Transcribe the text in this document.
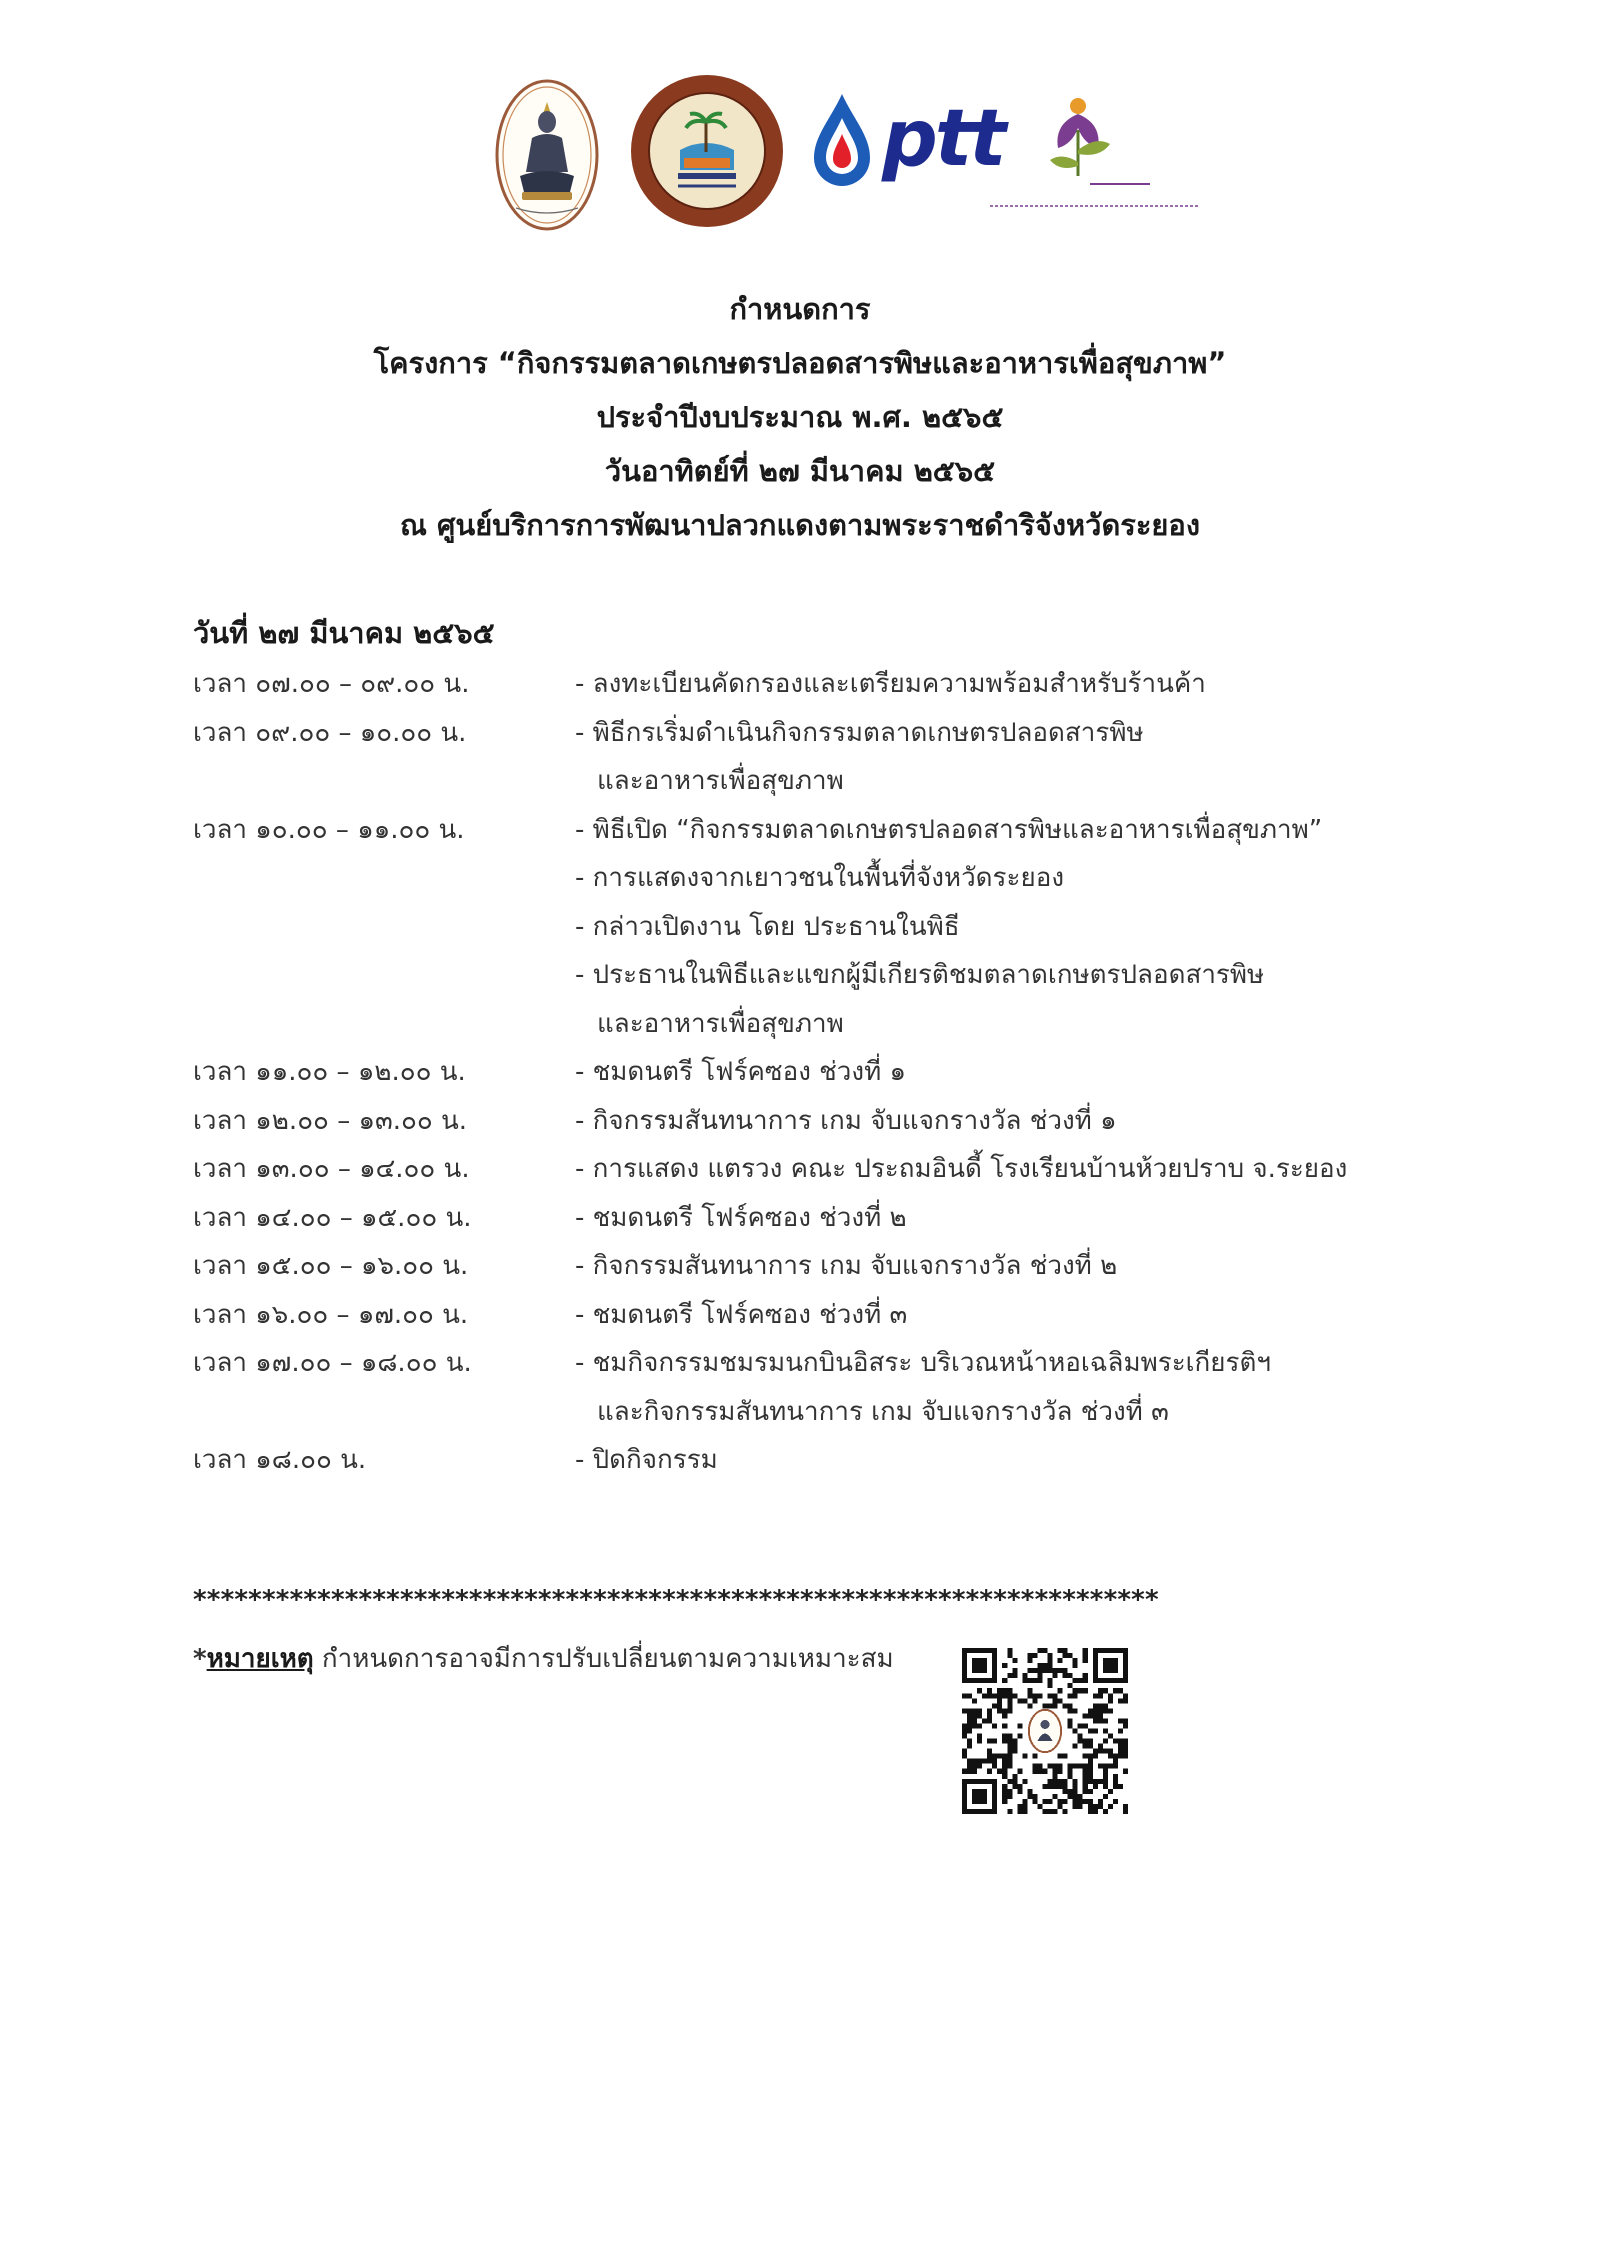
ptt
กำหนดการ
โครงการ “กิจกรรมตลาดเกษตรปลอดสารพิษและอาหารเพื่อสุขภาพ”
ประจำปีงบประมาณ พ.ศ. ๒๕๖๕
วันอาทิตย์ที่ ๒๗ มีนาคม ๒๕๖๕
ณ ศูนย์บริการการพัฒนาปลวกแดงตามพระราชดำริจังหวัดระยอง
วันที่ ๒๗ มีนาคม ๒๕๖๕
เวลา ๐๗.๐๐ – ๐๙.๐๐ น.	- ลงทะเบียนคัดกรองและเตรียมความพร้อมสำหรับร้านค้า
เวลา ๐๙.๐๐ – ๑๐.๐๐ น.	- พิธีกรเริ่มดำเนินกิจกรรมตลาดเกษตรปลอดสารพิษ
และอาหารเพื่อสุขภาพ
เวลา ๑๐.๐๐ – ๑๑.๐๐ น.	- พิธีเปิด “กิจกรรมตลาดเกษตรปลอดสารพิษและอาหารเพื่อสุขภาพ”
- การแสดงจากเยาวชนในพื้นที่จังหวัดระยอง
- กล่าวเปิดงาน โดย ประธานในพิธี
- ประธานในพิธีและแขกผู้มีเกียรติชมตลาดเกษตรปลอดสารพิษ
และอาหารเพื่อสุขภาพ
เวลา ๑๑.๐๐ – ๑๒.๐๐ น.	- ชมดนตรี โฟร์คซอง ช่วงที่ ๑
เวลา ๑๒.๐๐ – ๑๓.๐๐ น.	- กิจกรรมสันทนาการ เกม จับแจกรางวัล ช่วงที่ ๑
เวลา ๑๓.๐๐ – ๑๔.๐๐ น.	- การแสดง แตรวง คณะ ประถมอินดี้ โรงเรียนบ้านห้วยปราบ จ.ระยอง
เวลา ๑๔.๐๐ – ๑๕.๐๐ น.	- ชมดนตรี โฟร์คซอง ช่วงที่ ๒
เวลา ๑๕.๐๐ – ๑๖.๐๐ น.	- กิจกรรมสันทนาการ เกม จับแจกรางวัล ช่วงที่ ๒
เวลา ๑๖.๐๐ – ๑๗.๐๐ น.	- ชมดนตรี โฟร์คซอง ช่วงที่ ๓
เวลา ๑๗.๐๐ – ๑๘.๐๐ น.	- ชมกิจกรรมชมรมนกบินอิสระ บริเวณหน้าหอเฉลิมพระเกียรติฯ
และกิจกรรมสันทนาการ เกม จับแจกรางวัล ช่วงที่ ๓
เวลา ๑๘.๐๐ น.	- ปิดกิจกรรม
**********************************************************************
*หมายเหตุ กำหนดการอาจมีการปรับเปลี่ยนตามความเหมาะสม
